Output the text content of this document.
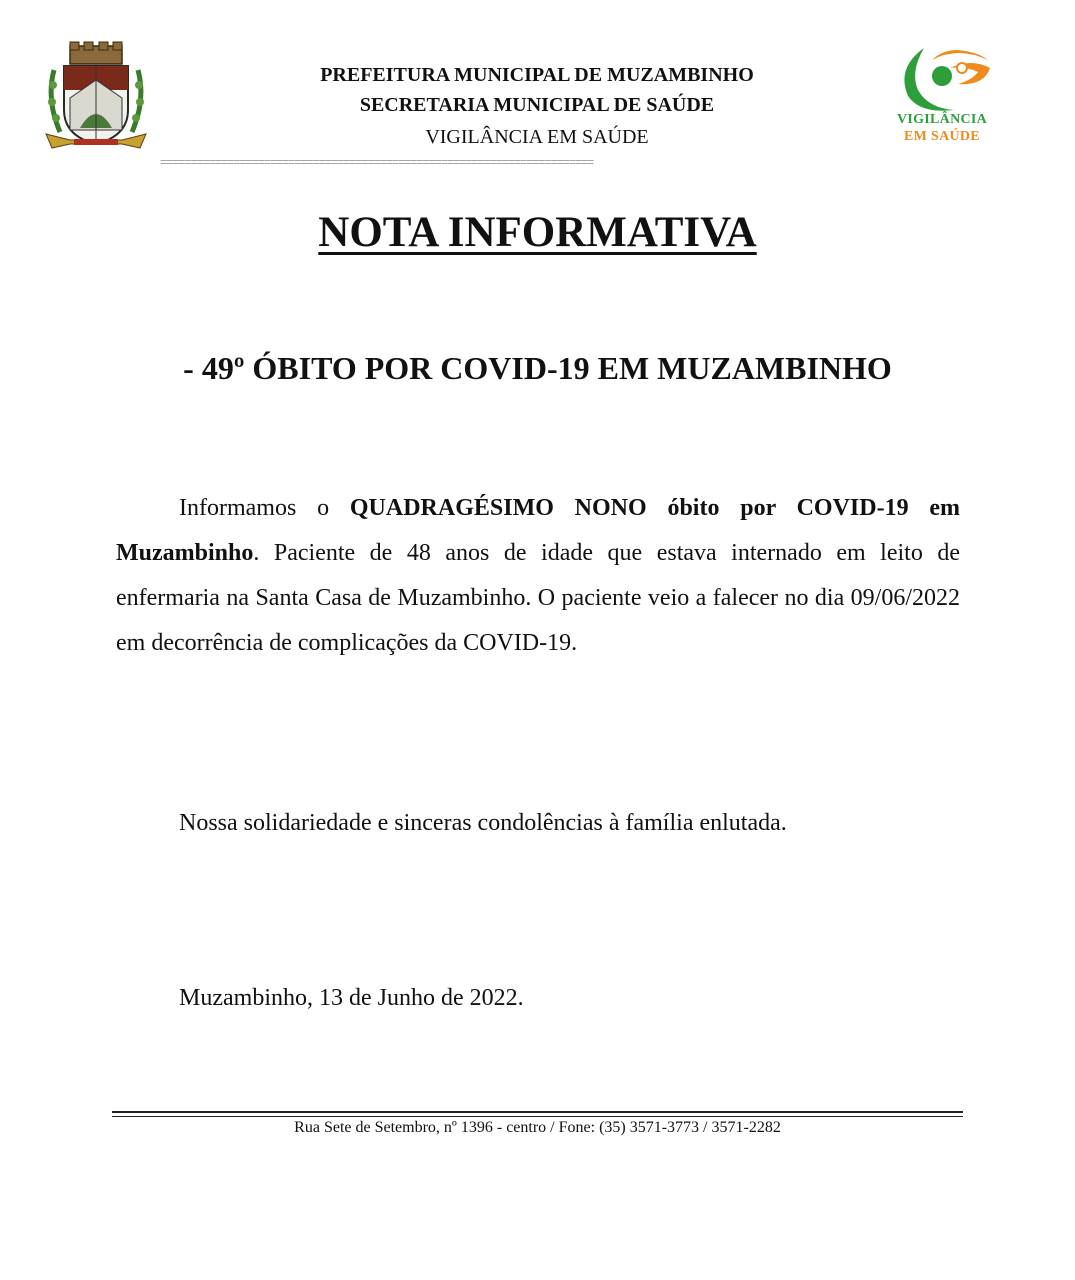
PREFEITURA MUNICIPAL DE MUZAMBINHO
SECRETARIA MUNICIPAL DE SAÚDE
VIGILÂNCIA EM SAÚDE
=======================================================================
VIGILÂNCIA
EM SAÚDE
NOTA INFORMATIVA
- 49º ÓBITO POR COVID-19 EM MUZAMBINHO
Informamos o QUADRAGÉSIMO NONO óbito por COVID-19 em Muzambinho. Paciente de 48 anos de idade que estava internado em leito de enfermaria na Santa Casa de Muzambinho. O paciente veio a falecer no dia 09/06/2022 em decorrência de complicações da COVID-19.
Nossa solidariedade e sinceras condolências à família enlutada.
Muzambinho, 13 de Junho de 2022.
Rua Sete de Setembro, nº 1396 - centro / Fone: (35) 3571-3773 / 3571-2282
